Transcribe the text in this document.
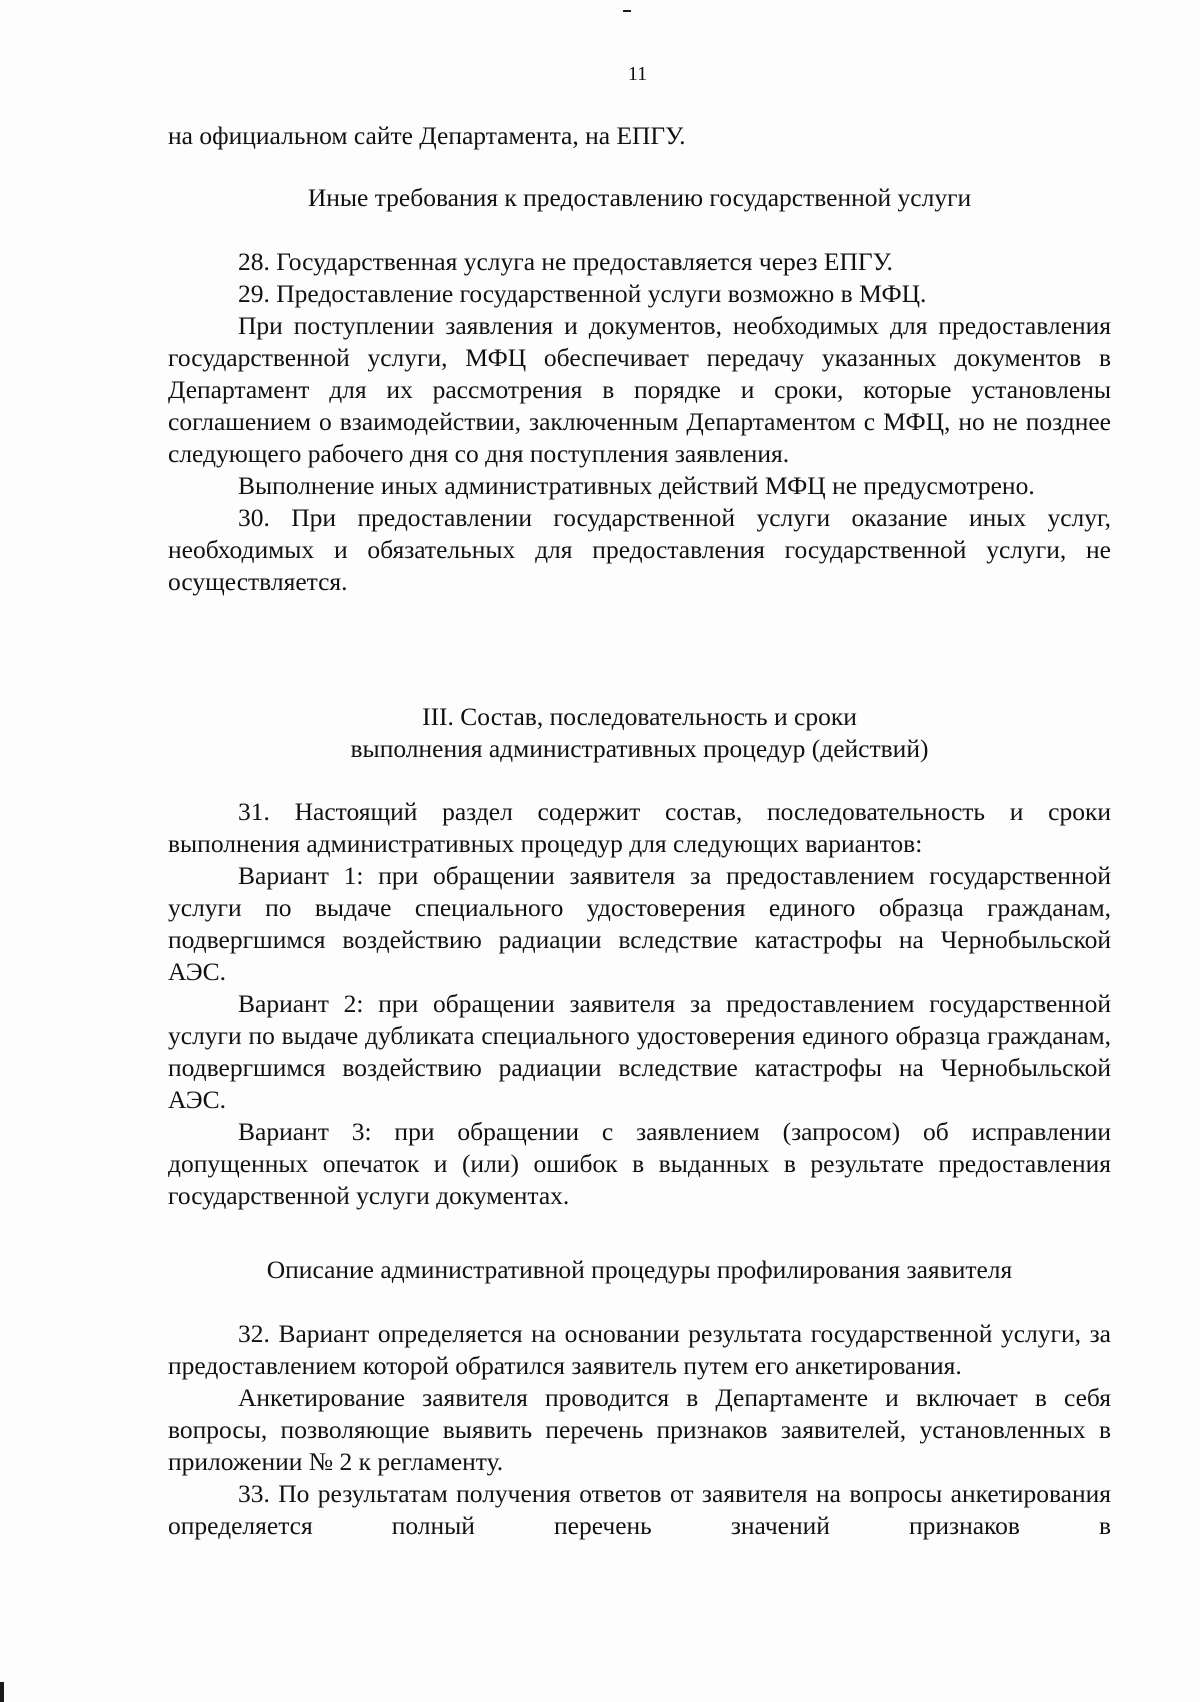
11

на официальном сайте Департамента, на ЕПГУ.

Иные требования к предоставлению государственной услуги

28. Государственная услуга не предоставляется через ЕПГУ.

29. Предоставление государственной услуги возможно в МФЦ.

При поступлении заявления и документов, необходимых для предоставления государственной услуги, МФЦ обеспечивает передачу указанных документов в Департамент для их рассмотрения в порядке и сроки, которые установлены соглашением о взаимодействии, заключенным Департаментом с МФЦ, но не позднее следующего рабочего дня со дня поступления заявления.

Выполнение иных административных действий МФЦ не предусмотрено.

30. При предоставлении государственной услуги оказание иных услуг, необходимых и обязательных для предоставления государственной услуги, не осуществляется.

III. Состав, последовательность и сроки

выполнения административных процедур (действий)

31. Настоящий раздел содержит состав, последовательность и сроки выполнения административных процедур для следующих вариантов:

Вариант 1: при обращении заявителя за предоставлением государственной услуги по выдаче специального удостоверения единого образца гражданам, подвергшимся воздействию радиации вследствие катастрофы на Чернобыльской АЭС.

Вариант 2: при обращении заявителя за предоставлением государственной услуги по выдаче дубликата специального удостоверения единого образца гражданам, подвергшимся воздействию радиации вследствие катастрофы на Чернобыльской АЭС.

Вариант 3: при обращении с заявлением (запросом) об исправлении допущенных опечаток и (или) ошибок в выданных в результате предоставления государственной услуги документах.

Описание административной процедуры профилирования заявителя

32. Вариант определяется на основании результата государственной услуги, за предоставлением которой обратился заявитель путем его анкетирования.

Анкетирование заявителя проводится в Департаменте и включает в себя вопросы, позволяющие выявить перечень признаков заявителей, установленных в приложении № 2 к регламенту.

33. По результатам получения ответов от заявителя на вопросы анкетирования определяется полный перечень значений признаков в
